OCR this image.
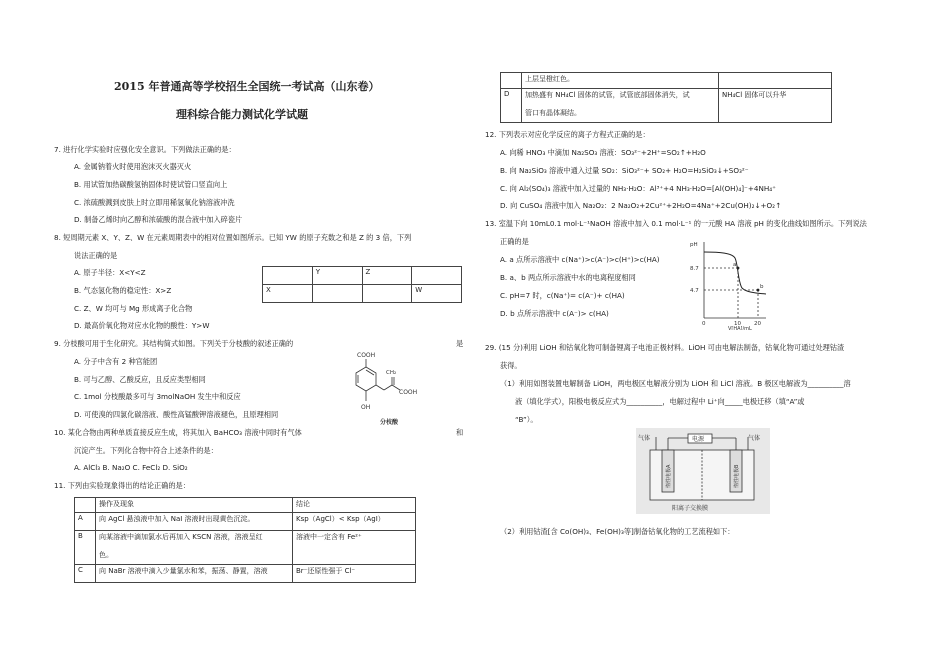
2015 年普通高等学校招生全国统一考试高（山东卷）
理科综合能力测试化学试题
7. 进行化学实验时应强化安全意识。下列做法正确的是：
A. 金属钠着火时使用泡沫灭火器灭火
B. 用试管加热碳酸氢钠固体时使试管口竖直向上
C. 浓硫酸溅到皮肤上时立即用稀氢氧化钠溶液冲洗
D. 制备乙烯时向乙醇和浓硫酸的混合液中加入碎瓷片
8. 短周期元素 X、Y、Z、W 在元素周期表中的相对位置如图所示。已知 YW 的原子充数之和是 Z 的 3 倍，下列
说法正确的是
A. 原子半径：X<Y<Z
B. 气态氢化物的稳定性：X>Z
C. Z、W 均可与 Mg 形成离子化合物
D. 最高价氧化物对应水化物的酸性：Y>W
	Y	Z	
X			W
9. 分枝酸可用于生化研究。其结构简式如图。下列关于分枝酸的叙述正确的	是
A. 分子中含有 2 种官能团
B. 可与乙醇、乙酸反应，且反应类型相同
C. 1mol 分枝酸最多可与 3molNaOH 发生中和反应
D. 可使溴的四氯化碳溶液、酸性高锰酸钾溶液褪色，且原理相同
COOH
CH₂
COOH
OH
分枝酸
10. 某化合物由两种单质直接反应生成，将其加入 BaHCO₃ 溶液中同时有气体	和
沉淀产生。下列化合物中符合上述条件的是：
A. AlCl₃ B. Na₂O C. FeCl₂ D. SiO₂
11. 下列由实验现象得出的结论正确的是：
	操作及现象	结论
A	向 AgCl 悬浊液中加入 NaI 溶液时出现黄色沉淀。	Ksp（AgCl）< Ksp（AgI）
B	向某溶液中滴加氯水后再加入 KSCN 溶液，溶液呈红
色。	溶液中一定含有 Fe²⁺
C	向 NaBr 溶液中滴入少量氯水和苯，振荡、静置，溶液	Br⁻还原性强于 Cl⁻
	上层呈橙红色。	
D	加热盛有 NH₄Cl 固体的试管，试管底部固体消失，试
管口有晶体凝结。	NH₄Cl 固体可以升华
12. 下列表示对应化学反应的离子方程式正确的是：
A. 向稀 HNO₃ 中滴加 Na₂SO₃ 溶液：SO₃²⁻+2H⁺=SO₂↑+H₂O
B. 向 Na₂SiO₃ 溶液中通入过量 SO₂：SiO₃²⁻+ SO₂+ H₂O=H₂SiO₃↓+SO₃²⁻
C. 向 Al₂(SO₄)₃ 溶液中加入过量的 NH₃·H₂O：Al³⁺+4 NH₃·H₂O=[Al(OH)₄]⁻+4NH₄⁺
D. 向 CuSO₄ 溶液中加入 Na₂O₂：2 Na₂O₂+2Cu²⁺+2H₂O=4Na⁺+2Cu(OH)₂↓+O₂↑
13. 室温下向 10mL0.1 mol·L⁻¹NaOH 溶液中加入 0.1 mol·L⁻¹ 的一元酸 HA 溶液 pH 的变化曲线如图所示。下列说法
正确的是
A. a 点所示溶液中 c(Na⁺)>c(A⁻)>c(H⁺)>c(HA)
B. a、b 两点所示溶液中水的电离程度相同
C. pH=7 时，c(Na⁺)= c(A⁻)+ c(HA)
D. b 点所示溶液中 c(A⁻)> c(HA)
pH
8.7
4.7
0	10 20
a
b
V[HA]/mL
29. (15 分)利用 LiOH 和钴氧化物可制备锂离子电池正极材料。LiOH 可由电解法制备，钴氧化物可通过处理钴渣
获得。
（1）利用如图装置电解制备 LiOH，两电极区电解液分别为 LiOH 和 LiCl 溶液。B 极区电解液为__________溶
液（填化学式），阳极电极反应式为__________，电解过程中 Li⁺向_____电极迁移（填“A”或
“B”）。
气体	电源	气体
惰性电极A	惰性电极B
阳离子交换膜
（2）利用钴渣[含 Co(OH)₃、Fe(OH)₃等]制备钴氧化物的工艺流程如下：
